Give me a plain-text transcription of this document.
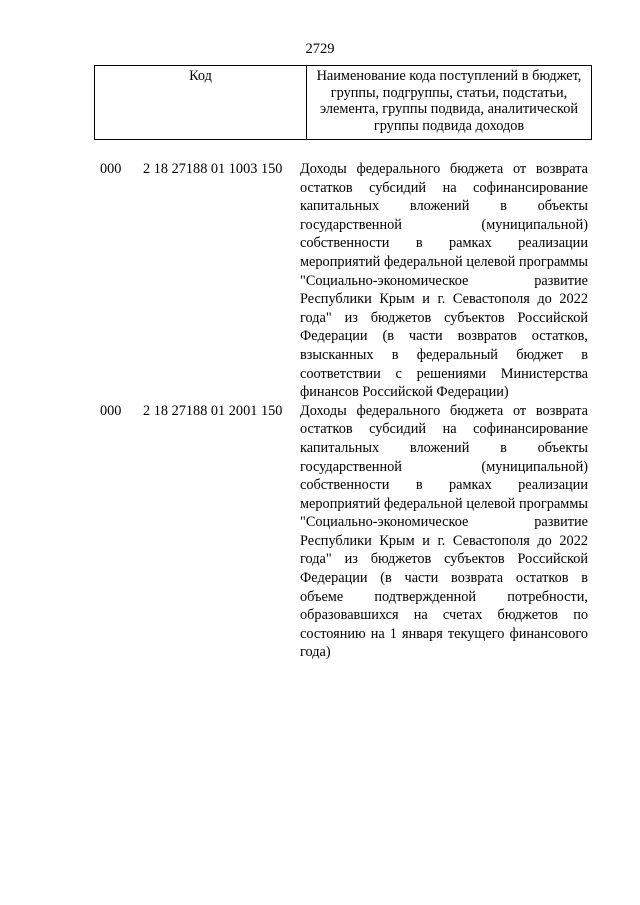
2729
Код	Наименование кода поступлений в бюджет, группы, подгруппы, статьи, подстатьи, элемента, группы подвида, аналитической группы подвида доходов
000 2 18 27188 01 1003 150 Доходы федерального бюджета от возврата остатков субсидий на софинансирование капитальных вложений в объекты государственной (муниципальной) собственности в рамках реализации мероприятий федеральной целевой программы "Социально-экономическое развитие Республики Крым и г. Севастополя до 2022 года" из бюджетов субъектов Российской Федерации (в части возвратов остатков, взысканных в федеральный бюджет в соответствии с решениями Министерства финансов Российской Федерации)
000 2 18 27188 01 2001 150 Доходы федерального бюджета от возврата остатков субсидий на софинансирование капитальных вложений в объекты государственной (муниципальной) собственности в рамках реализации мероприятий федеральной целевой программы "Социально-экономическое развитие Республики Крым и г. Севастополя до 2022 года" из бюджетов субъектов Российской Федерации (в части возврата остатков в объеме подтвержденной потребности, образовавшихся на счетах бюджетов по состоянию на 1 января текущего финансового года)
